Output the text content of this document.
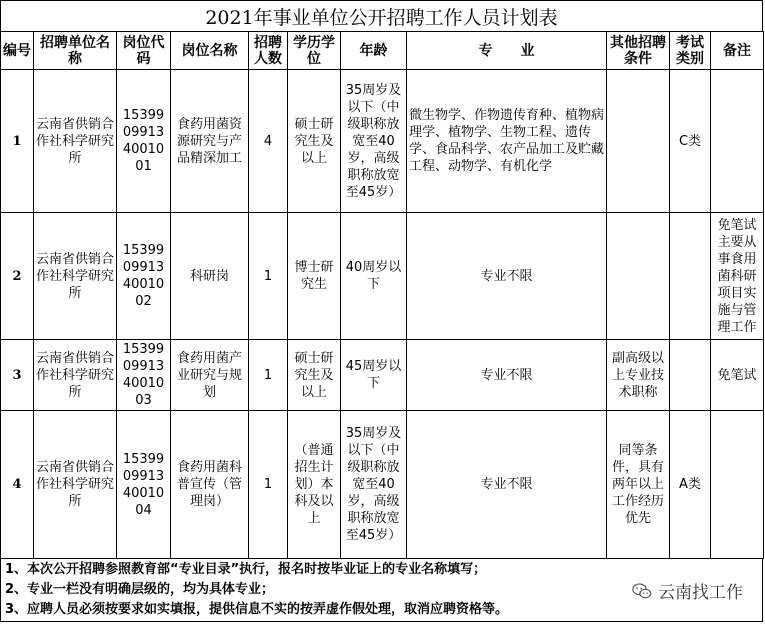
2021年事业单位公开招聘工作人员计划表
编号	招聘单位名称	岗位代码	岗位名称	招聘人数	学历学位	年龄	专　　业	其他招聘条件	考试类别	备注
1	云南省供销合作社科学研究所	15399099134001001	食药用菌资源研究与产品精深加工	4	硕士研究生及以上	35周岁及以下（中级职称放宽至40岁，高级职称放宽至45岁）	微生物学、作物遗传育种、植物病理学、植物学、生物工程、遗传学、食品科学、农产品加工及贮藏工程、动物学、有机化学		C类	
2	云南省供销合作社科学研究所	15399099134001002	科研岗	1	博士研究生	40周岁以下	专业不限			免笔试主要从事食用菌科研项目实施与管理工作
3	云南省供销合作社科学研究所	15399099134001003	食药用菌产业研究与规划	1	硕士研究生及以上	45周岁以下	专业不限	副高级以上专业技术职称		免笔试
4	云南省供销合作社科学研究所	15399099134001004	食药用菌科普宣传（管理岗）	1	（普通招生计划）本科及以上	35周岁及以下（中级职称放宽至40岁，高级职称放宽至45岁）	专业不限	同等条件，具有两年以上工作经历优先	A类	
1、本次公开招聘参照教育部“专业目录”执行，报名时按毕业证上的专业名称填写；
2、专业一栏没有明确层级的，均为具体专业；
3、应聘人员必须按要求如实填报，提供信息不实的按弄虚作假处理，取消应聘资格等。
云南找工作
